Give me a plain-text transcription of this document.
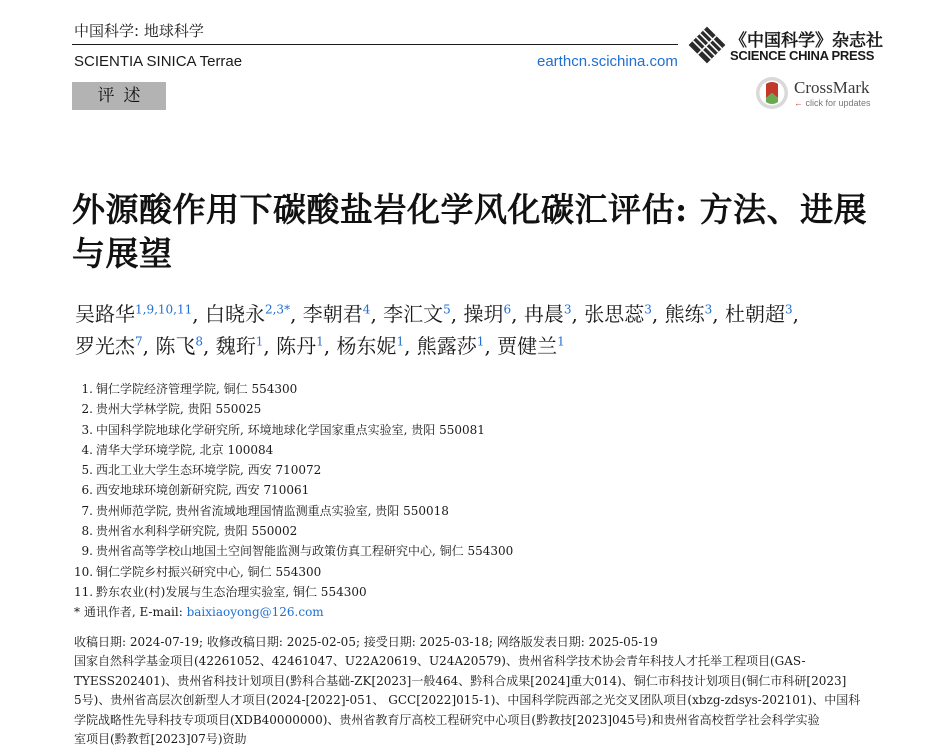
中国科学: 地球科学
SCIENTIA SINICA Terrae	earthcn.scichina.com
《中国科学》杂志社
SCIENCE CHINA PRESS
CrossMark
← click for updates
评述
外源酸作用下碳酸盐岩化学风化碳汇评估: 方法、进展与展望
吴路华$^{1,9,10,11}$, 白晓永$^{2,3*}$, 李朝君$^4$, 李汇文$^5$, 操玥$^6$, 冉晨$^3$, 张思蕊$^3$, 熊练$^3$, 杜朝超$^3$,
罗光杰$^7$, 陈飞$^8$, 魏珩$^1$, 陈丹$^1$, 杨东妮$^1$, 熊露莎$^1$, 贾健兰$^1$
1. 铜仁学院经济管理学院, 铜仁 554300
2. 贵州大学林学院, 贵阳 550025
3. 中国科学院地球化学研究所, 环境地球化学国家重点实验室, 贵阳 550081
4. 清华大学环境学院, 北京 100084
5. 西北工业大学生态环境学院, 西安 710072
6. 西安地球环境创新研究院, 西安 710061
7. 贵州师范学院, 贵州省流域地理国情监测重点实验室, 贵阳 550018
8. 贵州省水利科学研究院, 贵阳 550002
9. 贵州省高等学校山地国土空间智能监测与政策仿真工程研究中心, 铜仁 554300
10. 铜仁学院乡村振兴研究中心, 铜仁 554300
11. 黔东农业(村)发展与生态治理实验室, 铜仁 554300
* 通讯作者, E-mail: baixiaoyong@126.com
收稿日期: 2024-07-19; 收修改稿日期: 2025-02-05; 接受日期: 2025-03-18; 网络版发表日期: 2025-05-19
国家自然科学基金项目(42261052、42461047、U22A20619、U24A20579)、贵州省科学技术协会青年科技人才托举工程项目(GAS-
TYESS202401)、贵州省科技计划项目(黔科合基础-ZK[2023]一般464、黔科合成果[2024]重大014)、铜仁市科技计划项目(铜仁市科研[2023]
5号)、贵州省高层次创新型人才项目(2024-[2022]-051、 GCC[2022]015-1)、中国科学院西部之光交叉团队项目(xbzg-zdsys-202101)、中国科
学院战略性先导科技专项项目(XDB40000000)、贵州省教育厅高校工程研究中心项目(黔教技[2023]045号)和贵州省高校哲学社会科学实验
室项目(黔教哲[2023]07号)资助
